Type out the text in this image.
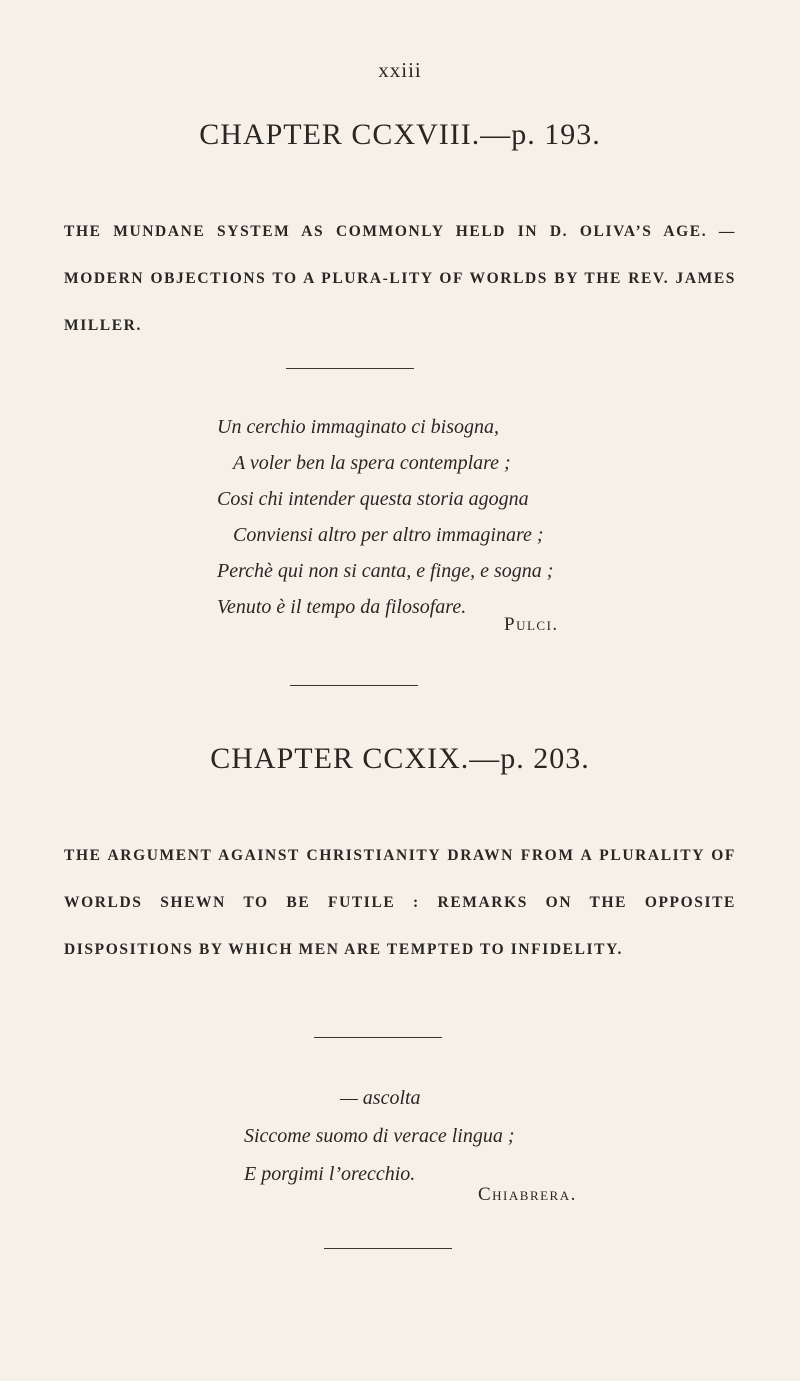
xxiii
CHAPTER CCXVIII.—p. 193.
THE MUNDANE SYSTEM AS COMMONLY HELD IN D. OLIVA’S AGE. — MODERN OBJECTIONS TO A PLURA-LITY OF WORLDS BY THE REV. JAMES MILLER.
Un cerchio immaginato ci bisogna,
A voler ben la spera contemplare ;
Cosi chi intender questa storia agogna
Conviensi altro per altro immaginare ;
Perchè qui non si canta, e finge, e sogna ;
Venuto è il tempo da filosofare.
Pulci.
CHAPTER CCXIX.—p. 203.
THE ARGUMENT AGAINST CHRISTIANITY DRAWN FROM A PLURALITY OF WORLDS SHEWN TO BE FUTILE : REMARKS ON THE OPPOSITE DISPOSITIONS BY WHICH MEN ARE TEMPTED TO INFIDELITY.
— ascolta
Siccome suomo di verace lingua ;
E porgimi l’orecchio.
Chiabrera.
